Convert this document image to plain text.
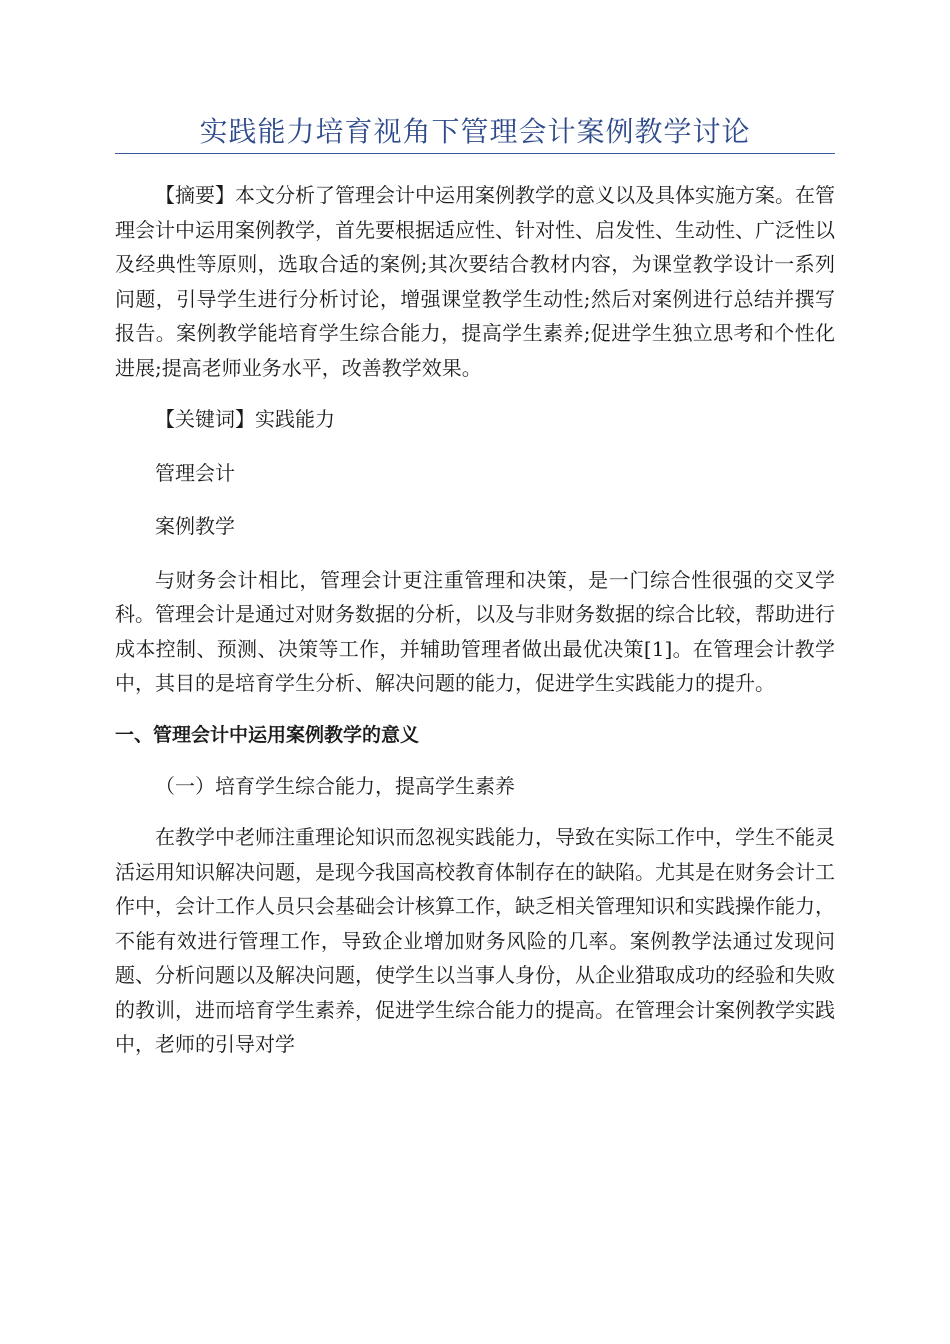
实践能力培育视角下管理会计案例教学讨论

【摘要】本文分析了管理会计中运用案例教学的意义以及具体实施方案。在管理会计中运用案例教学，首先要根据适应性、针对性、启发性、生动性、广泛性以及经典性等原则，选取合适的案例;其次要结合教材内容，为课堂教学设计一系列问题，引导学生进行分析讨论，增强课堂教学生动性;然后对案例进行总结并撰写报告。案例教学能培育学生综合能力，提高学生素养;促进学生独立思考和个性化进展;提高老师业务水平，改善教学效果。

【关键词】实践能力

管理会计

案例教学

与财务会计相比，管理会计更注重管理和决策，是一门综合性很强的交叉学科。管理会计是通过对财务数据的分析，以及与非财务数据的综合比较，帮助进行成本控制、预测、决策等工作，并辅助管理者做出最优决策[1]。在管理会计教学中，其目的是培育学生分析、解决问题的能力，促进学生实践能力的提升。

一、管理会计中运用案例教学的意义

（一）培育学生综合能力，提高学生素养

在教学中老师注重理论知识而忽视实践能力，导致在实际工作中，学生不能灵活运用知识解决问题，是现今我国高校教育体制存在的缺陷。尤其是在财务会计工作中，会计工作人员只会基础会计核算工作，缺乏相关管理知识和实践操作能力，不能有效进行管理工作，导致企业增加财务风险的几率。案例教学法通过发现问题、分析问题以及解决问题，使学生以当事人身份，从企业猎取成功的经验和失败的教训，进而培育学生素养，促进学生综合能力的提高。在管理会计案例教学实践中，老师的引导对学
